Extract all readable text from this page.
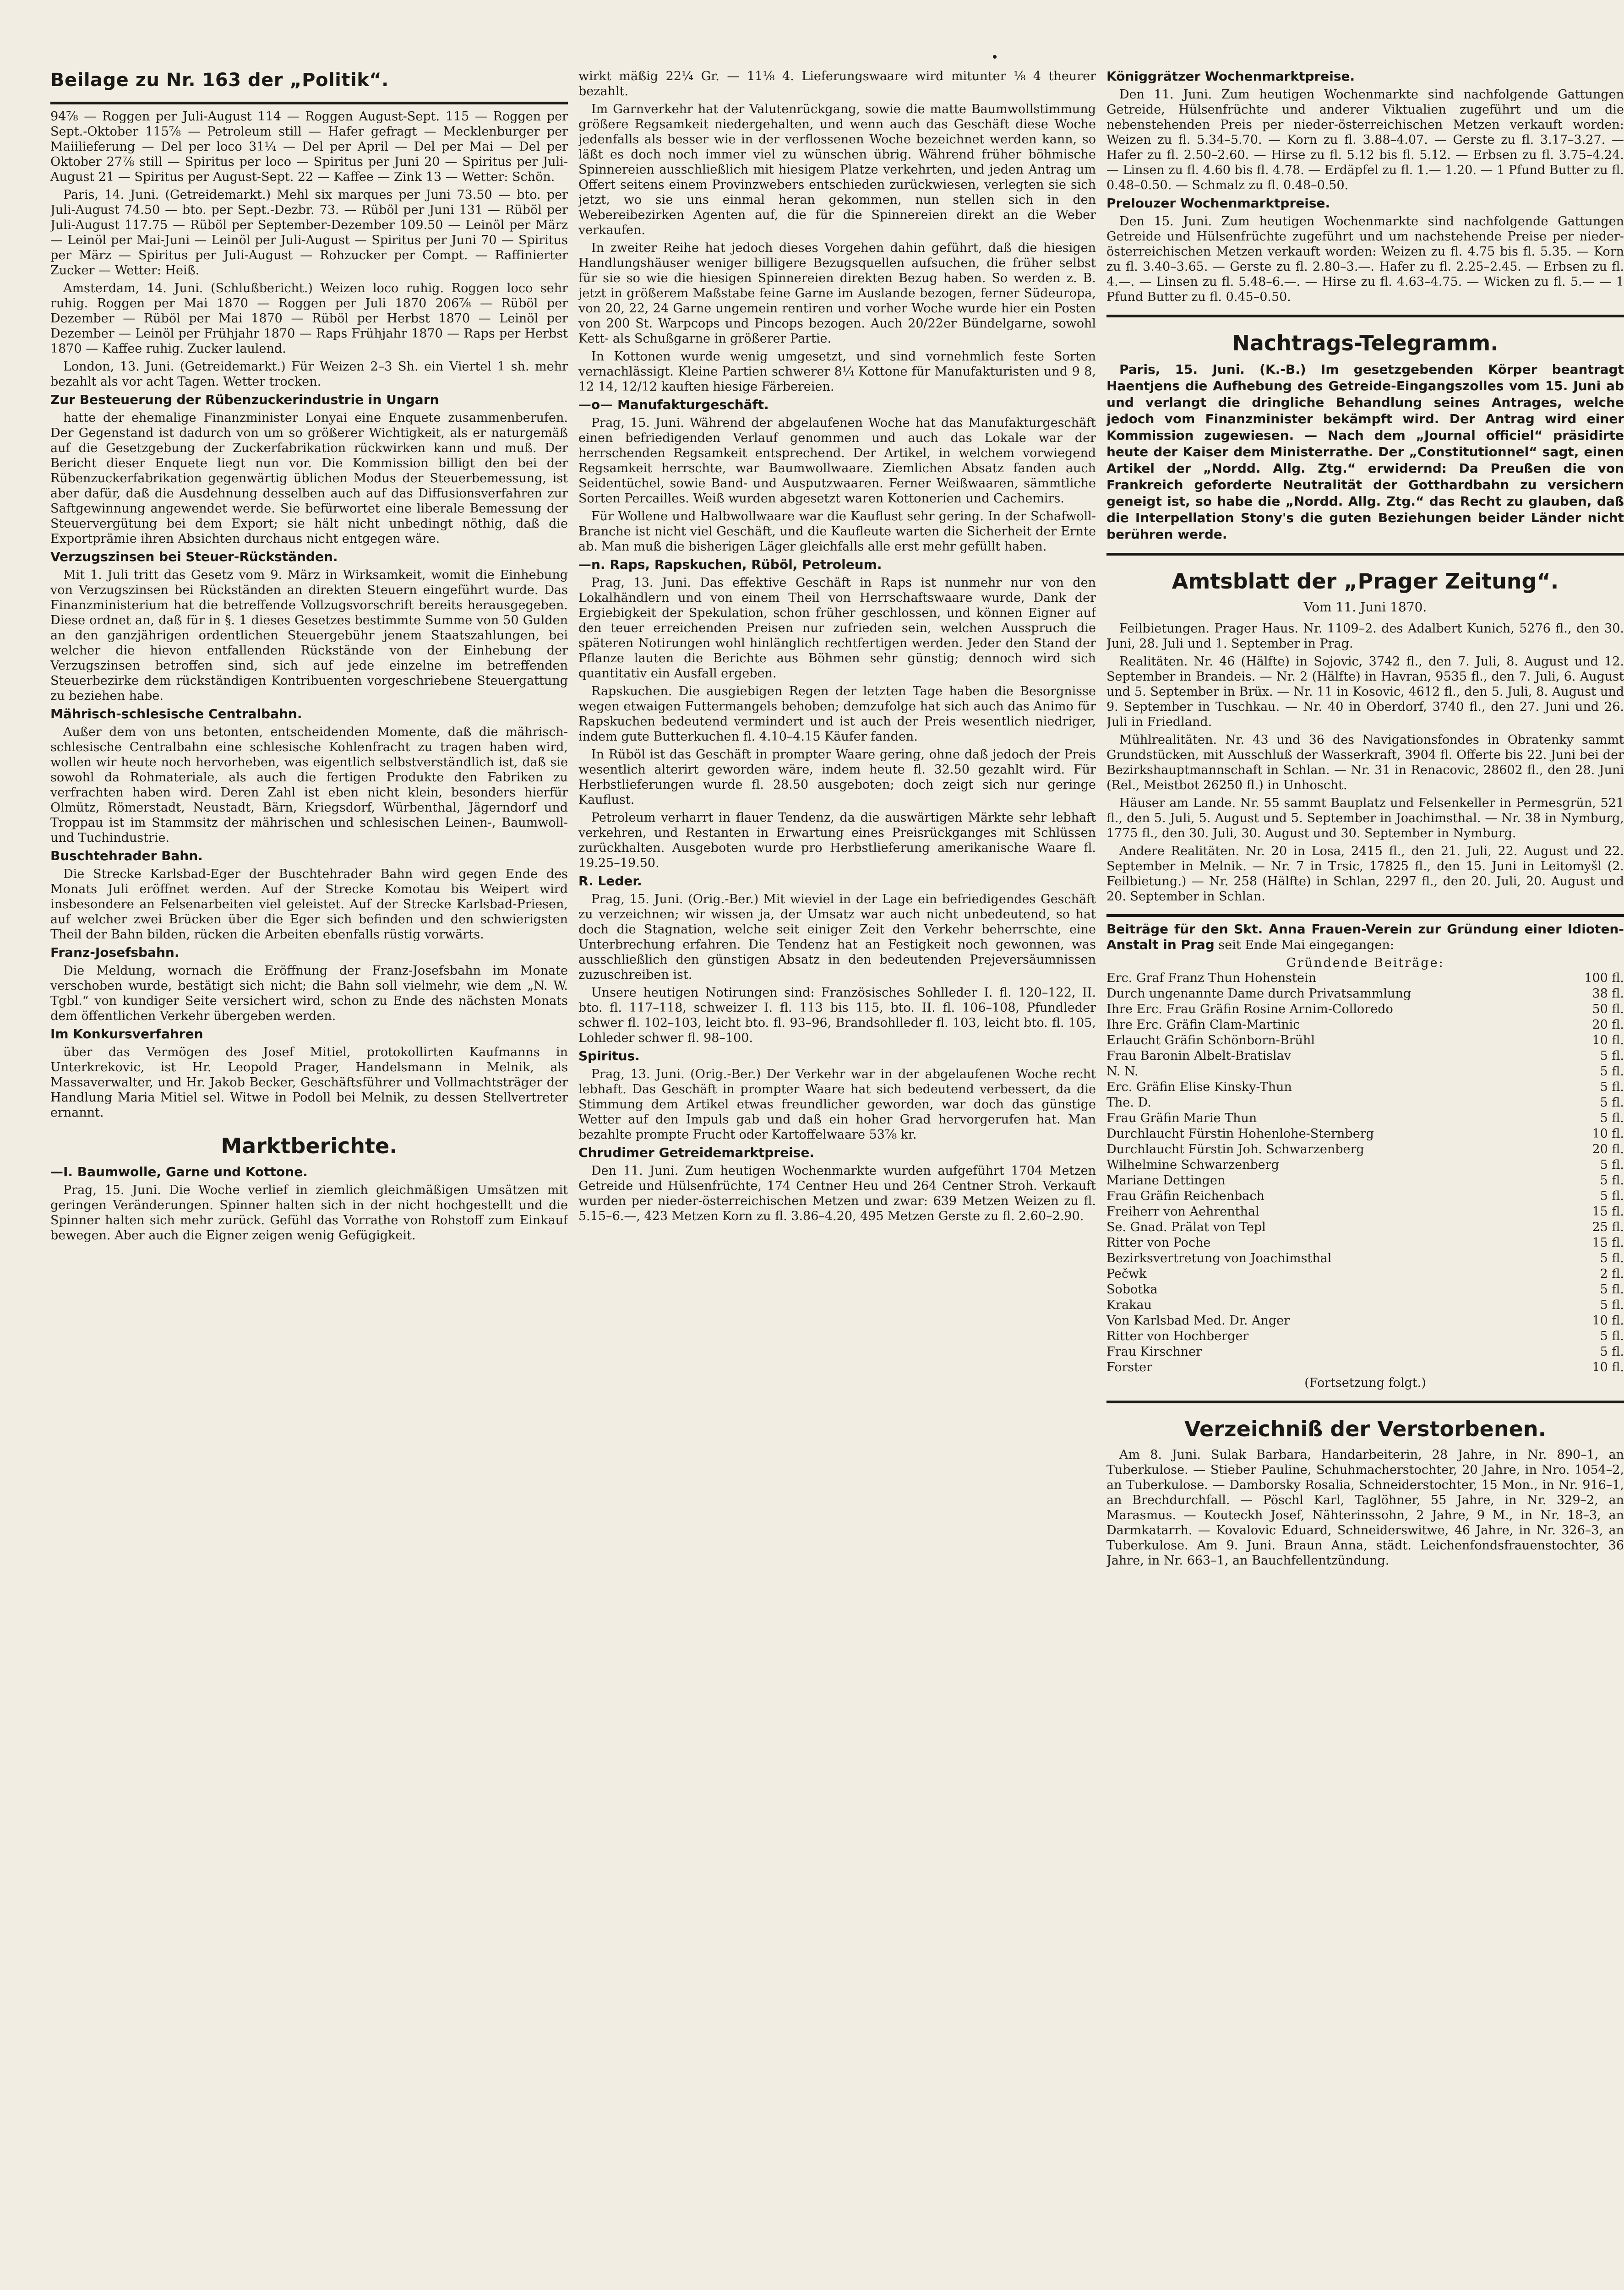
Beilage zu Nr. 163 der „Politik“.

94⅞ — Roggen per Juli-August 114 — Roggen August-Sept. 115 — Roggen per Sept.-Oktober 115⅞ — Petroleum still — Hafer gefragt — Mecklenburger per Maiilieferung — Del per loco 31¼ — Del per April — Del per Mai — Del per Oktober 27⅞ still — Spiritus per loco — Spiritus per Juni 20 — Spiritus per Juli-August 21 — Spiritus per August-Sept. 22 — Kaffee — Zink 13 — Wetter: Schön.

Paris, 14. Juni. (Getreidemarkt.) Mehl six marques per Juni 73.50 — bto. per Juli-August 74.50 — bto. per Sept.-Dezbr. 73. — Rüböl per Juni 131 — Rüböl per Juli-August 117.75 — Rüböl per September-Dezember 109.50 — Leinöl per März — Leinöl per Mai-Juni — Leinöl per Juli-August — Spiritus per Juni 70 — Spiritus per März — Spiritus per Juli-August — Rohzucker per Compt. — Raffinierter Zucker — Wetter: Heiß.

Amsterdam, 14. Juni. (Schlußbericht.) Weizen loco ruhig. Roggen loco sehr ruhig. Roggen per Mai 1870 — Roggen per Juli 1870 206⅞ — Rüböl per Dezember — Rüböl per Mai 1870 — Rüböl per Herbst 1870 — Leinöl per Dezember — Leinöl per Frühjahr 1870 — Raps Frühjahr 1870 — Raps per Herbst 1870 — Kaffee ruhig. Zucker laulend.

London, 13. Juni. (Getreidemarkt.) Für Weizen 2–3 Sh. ein Viertel 1 sh. mehr bezahlt als vor acht Tagen. Wetter trocken.

Zur Besteuerung der Rübenzuckerindustrie in Ungarn

hatte der ehemalige Finanzminister Lonyai eine Enquete zusammenberufen. Der Gegenstand ist dadurch von um so größerer Wichtigkeit, als er naturgemäß auf die Gesetzgebung der Zuckerfabrikation rückwirken kann und muß. Der Bericht dieser Enquete liegt nun vor. Die Kommission billigt den bei der Rübenzuckerfabrikation gegenwärtig üblichen Modus der Steuerbemessung, ist aber dafür, daß die Ausdehnung desselben auch auf das Diffusionsverfahren zur Saftgewinnung angewendet werde. Sie befürwortet eine liberale Bemessung der Steuervergütung bei dem Export; sie hält nicht unbedingt nöthig, daß die Exportprämie ihren Absichten durchaus nicht entgegen wäre.

Verzugszinsen bei Steuer-Rückständen.

Mit 1. Juli tritt das Gesetz vom 9. März in Wirksamkeit, womit die Einhebung von Verzugszinsen bei Rückständen an direkten Steuern eingeführt wurde. Das Finanzministerium hat die betreffende Vollzugsvorschrift bereits herausgegeben. Diese ordnet an, daß für in §. 1 dieses Gesetzes bestimmte Summe von 50 Gulden an den ganzjährigen ordentlichen Steuergebühr jenem Staatszahlungen, bei welcher die hievon entfallenden Rückstände von der Einhebung der Verzugszinsen betroffen sind, sich auf jede einzelne im betreffenden Steuerbezirke dem rückständigen Kontribuenten vorgeschriebene Steuergattung zu beziehen habe.

Mährisch-schlesische Centralbahn.

Außer dem von uns betonten, entscheidenden Momente, daß die mährisch-schlesische Centralbahn eine schlesische Kohlenfracht zu tragen haben wird, wollen wir heute noch hervorheben, was eigentlich selbstverständlich ist, daß sie sowohl da Rohmateriale, als auch die fertigen Produkte den Fabriken zu verfrachten haben wird. Deren Zahl ist eben nicht klein, besonders hierfür Olmütz, Römerstadt, Neustadt, Bärn, Kriegsdorf, Würbenthal, Jägerndorf und Troppau ist im Stammsitz der mährischen und schlesischen Leinen-, Baumwoll- und Tuchindustrie.

Buschtehrader Bahn.

Die Strecke Karlsbad-Eger der Buschtehrader Bahn wird gegen Ende des Monats Juli eröffnet werden. Auf der Strecke Komotau bis Weipert wird insbesondere an Felsenarbeiten viel geleistet. Auf der Strecke Karlsbad-Priesen, auf welcher zwei Brücken über die Eger sich befinden und den schwierigsten Theil der Bahn bilden, rücken die Arbeiten ebenfalls rüstig vorwärts.

Franz-Josefsbahn.

Die Meldung, wornach die Eröffnung der Franz-Josefsbahn im Monate verschoben wurde, bestätigt sich nicht; die Bahn soll vielmehr, wie dem „N. W. Tgbl.“ von kundiger Seite versichert wird, schon zu Ende des nächsten Monats dem öffentlichen Verkehr übergeben werden.

Im Konkursverfahren

über das Vermögen des Josef Mitiel, protokollirten Kaufmanns in Unterkrekovic, ist Hr. Leopold Prager, Handelsmann in Melnik, als Massaverwalter, und Hr. Jakob Becker, Geschäftsführer und Vollmachtsträger der Handlung Maria Mitiel sel. Witwe in Podoll bei Melnik, zu dessen Stellvertreter ernannt.

Marktberichte.

—I. Baumwolle, Garne und Kottone.

Prag, 15. Juni. Die Woche verlief in ziemlich gleichmäßigen Umsätzen mit geringen Veränderungen. Spinner halten sich in der nicht hochgestellt und die Spinner halten sich mehr zurück. Gefühl das Vorrathe von Rohstoff zum Einkauf bewegen. Aber auch die Eigner zeigen wenig Gefügigkeit.

wirkt mäßig 22¼ Gr. — 11⅛ 4. Lieferungswaare wird mitunter ⅛ 4 theurer bezahlt.

Im Garnverkehr hat der Valutenrückgang, sowie die matte Baumwollstimmung größere Regsamkeit niedergehalten, und wenn auch das Geschäft diese Woche jedenfalls als besser wie in der verflossenen Woche bezeichnet werden kann, so läßt es doch noch immer viel zu wünschen übrig. Während früher böhmische Spinnereien ausschließlich mit hiesigem Platze verkehrten, und jeden Antrag um Offert seitens einem Provinzwebers entschieden zurückwiesen, verlegten sie sich jetzt, wo sie uns einmal heran gekommen, nun stellen sich in den Webereibezirken Agenten auf, die für die Spinnereien direkt an die Weber verkaufen.

In zweiter Reihe hat jedoch dieses Vorgehen dahin geführt, daß die hiesigen Handlungshäuser weniger billigere Bezugsquellen aufsuchen, die früher selbst für sie so wie die hiesigen Spinnereien direkten Bezug haben. So werden z. B. jetzt in größerem Maßstabe feine Garne im Auslande bezogen, ferner Südeuropa, von 20, 22, 24 Garne ungemein rentiren und vorher Woche wurde hier ein Posten von 200 St. Warpcops und Pincops bezogen. Auch 20/22er Bündelgarne, sowohl Kett- als Schußgarne in größerer Partie.

In Kottonen wurde wenig umgesetzt, und sind vornehmlich feste Sorten vernachlässigt. Kleine Partien schwerer 8¼ Kottone für Manufakturisten und 9 8, 12 14, 12/12 kauften hiesige Färbereien.

—o— Manufakturgeschäft.

Prag, 15. Juni. Während der abgelaufenen Woche hat das Manufakturgeschäft einen befriedigenden Verlauf genommen und auch das Lokale war der herrschenden Regsamkeit entsprechend. Der Artikel, in welchem vorwiegend Regsamkeit herrschte, war Baumwollwaare. Ziemlichen Absatz fanden auch Seidentüchel, sowie Band- und Ausputzwaaren. Ferner Weißwaaren, sämmtliche Sorten Percailles. Weiß wurden abgesetzt waren Kottonerien und Cachemirs.

Für Wollene und Halbwollwaare war die Kauflust sehr gering. In der Schafwoll-Branche ist nicht viel Geschäft, und die Kaufleute warten die Sicherheit der Ernte ab. Man muß die bisherigen Läger gleichfalls alle erst mehr gefüllt haben.

—n. Raps, Rapskuchen, Rüböl, Petroleum.

Prag, 13. Juni. Das effektive Geschäft in Raps ist nunmehr nur von den Lokalhändlern und von einem Theil von Herrschaftswaare wurde, Dank der Ergiebigkeit der Spekulation, schon früher geschlossen, und können Eigner auf den teuer erreichenden Preisen nur zufrieden sein, welchen Ausspruch die späteren Notirungen wohl hinlänglich rechtfertigen werden. Jeder den Stand der Pflanze lauten die Berichte aus Böhmen sehr günstig; dennoch wird sich quantitativ ein Ausfall ergeben.

Rapskuchen. Die ausgiebigen Regen der letzten Tage haben die Besorgnisse wegen etwaigen Futtermangels behoben; demzufolge hat sich auch das Animo für Rapskuchen bedeutend vermindert und ist auch der Preis wesentlich niedriger, indem gute Butterkuchen fl. 4.10–4.15 Käufer fanden.

In Rüböl ist das Geschäft in prompter Waare gering, ohne daß jedoch der Preis wesentlich alterirt geworden wäre, indem heute fl. 32.50 gezahlt wird. Für Herbstlieferungen wurde fl. 28.50 ausgeboten; doch zeigt sich nur geringe Kauflust.

Petroleum verharrt in flauer Tendenz, da die auswärtigen Märkte sehr lebhaft verkehren, und Restanten in Erwartung eines Preisrückganges mit Schlüssen zurückhalten. Ausgeboten wurde pro Herbstlieferung amerikanische Waare fl. 19.25–19.50.

R. Leder.

Prag, 15. Juni. (Orig.-Ber.) Mit wieviel in der Lage ein befriedigendes Geschäft zu verzeichnen; wir wissen ja, der Umsatz war auch nicht unbedeutend, so hat doch die Stagnation, welche seit einiger Zeit den Verkehr beherrschte, eine Unterbrechung erfahren. Die Tendenz hat an Festigkeit noch gewonnen, was ausschließlich den günstigen Absatz in den bedeutenden Prejeversäumnissen zuzuschreiben ist.

Unsere heutigen Notirungen sind: Französisches Sohlleder I. fl. 120–122, II. bto. fl. 117–118, schweizer I. fl. 113 bis 115, bto. II. fl. 106–108, Pfundleder schwer fl. 102–103, leicht bto. fl. 93–96, Brandsohlleder fl. 103, leicht bto. fl. 105, Lohleder schwer fl. 98–100.

Spiritus.

Prag, 13. Juni. (Orig.-Ber.) Der Verkehr war in der abgelaufenen Woche recht lebhaft. Das Geschäft in prompter Waare hat sich bedeutend verbessert, da die Stimmung dem Artikel etwas freundlicher geworden, war doch das günstige Wetter auf den Impuls gab und daß ein hoher Grad hervorgerufen hat. Man bezahlte prompte Frucht oder Kartoffelwaare 53⅞ kr.

Chrudimer Getreidemarktpreise.

Den 11. Juni. Zum heutigen Wochenmarkte wurden aufgeführt 1704 Metzen Getreide und Hülsenfrüchte, 174 Centner Heu und 264 Centner Stroh. Verkauft wurden per nieder-österreichischen Metzen und zwar: 639 Metzen Weizen zu fl. 5.15–6.—, 423 Metzen Korn zu fl. 3.86–4.20, 495 Metzen Gerste zu fl. 2.60–2.90.

Königgrätzer Wochenmarktpreise.

Den 11. Juni. Zum heutigen Wochenmarkte sind nachfolgende Gattungen Getreide, Hülsenfrüchte und anderer Viktualien zugeführt und um die nebenstehenden Preis per nieder-österreichischen Metzen verkauft worden: Weizen zu fl. 5.34–5.70. — Korn zu fl. 3.88–4.07. — Gerste zu fl. 3.17–3.27. — Hafer zu fl. 2.50–2.60. — Hirse zu fl. 5.12 bis fl. 5.12. — Erbsen zu fl. 3.75–4.24. — Linsen zu fl. 4.60 bis fl. 4.78. — Erdäpfel zu fl. 1.— 1.20. — 1 Pfund Butter zu fl. 0.48–0.50. — Schmalz zu fl. 0.48–0.50.

Prelouzer Wochenmarktpreise.

Den 15. Juni. Zum heutigen Wochenmarkte sind nachfolgende Gattungen Getreide und Hülsenfrüchte zugeführt und um nachstehende Preise per nieder-österreichischen Metzen verkauft worden: Weizen zu fl. 4.75 bis fl. 5.35. — Korn zu fl. 3.40–3.65. — Gerste zu fl. 2.80–3.—. Hafer zu fl. 2.25–2.45. — Erbsen zu fl. 4.—. — Linsen zu fl. 5.48–6.—. — Hirse zu fl. 4.63–4.75. — Wicken zu fl. 5.— — 1 Pfund Butter zu fl. 0.45–0.50.

Nachtrags-Telegramm.

Paris, 15. Juni. (K.-B.) Im gesetzgebenden Körper beantragt Haentjens die Aufhebung des Getreide-Eingangszolles vom 15. Juni ab und verlangt die dringliche Behandlung seines Antrages, welche jedoch vom Finanzminister bekämpft wird. Der Antrag wird einer Kommission zugewiesen. — Nach dem „Journal officiel“ präsidirte heute der Kaiser dem Ministerrathe. Der „Constitutionnel“ sagt, einen Artikel der „Nordd. Allg. Ztg.“ erwidernd: Da Preußen die von Frankreich geforderte Neutralität der Gotthardbahn zu versichern geneigt ist, so habe die „Nordd. Allg. Ztg.“ das Recht zu glauben, daß die Interpellation Stony's die guten Beziehungen beider Länder nicht berühren werde.

Amtsblatt der „Prager Zeitung“.
Vom 11. Juni 1870.

Feilbietungen. Prager Haus. Nr. 1109–2. des Adalbert Kunich, 5276 fl., den 30. Juni, 28. Juli und 1. September in Prag.

Realitäten. Nr. 46 (Hälfte) in Sojovic, 3742 fl., den 7. Juli, 8. August und 12. September in Brandeis. — Nr. 2 (Hälfte) in Havran, 9535 fl., den 7. Juli, 6. August und 5. September in Brüx. — Nr. 11 in Kosovic, 4612 fl., den 5. Juli, 8. August und 9. September in Tuschkau. — Nr. 40 in Oberdorf, 3740 fl., den 27. Juni und 26. Juli in Friedland.

Mühlrealitäten. Nr. 43 und 36 des Navigationsfondes in Obratenky sammt Grundstücken, mit Ausschluß der Wasserkraft, 3904 fl. Offerte bis 22. Juni bei der Bezirkshauptmannschaft in Schlan. — Nr. 31 in Renacovic, 28602 fl., den 28. Juni (Rel., Meistbot 26250 fl.) in Unhoscht.

Häuser am Lande. Nr. 55 sammt Bauplatz und Felsenkeller in Permesgrün, 521 fl., den 5. Juli, 5. August und 5. September in Joachimsthal. — Nr. 38 in Nymburg, 1775 fl., den 30. Juli, 30. August und 30. September in Nymburg.

Andere Realitäten. Nr. 20 in Losa, 2415 fl., den 21. Juli, 22. August und 22. September in Melnik. — Nr. 7 in Trsic, 17825 fl., den 15. Juni in Leitomyšl (2. Feilbietung.) — Nr. 258 (Hälfte) in Schlan, 2297 fl., den 20. Juli, 20. August und 20. September in Schlan.

Beiträge für den Skt. Anna Frauen-Verein zur Gründung einer Idioten-Anstalt in Prag seit Ende Mai eingegangen:

Gründende Beiträge:
Erc. Graf Franz Thun Hohenstein	100 fl.
Durch ungenannte Dame durch Privatsammlung	38 fl.
Ihre Erc. Frau Gräfin Rosine Arnim-Colloredo	50 fl.
Ihre Erc. Gräfin Clam-Martinic	20 fl.
Erlaucht Gräfin Schönborn-Brühl	10 fl.
Frau Baronin Albelt-Bratislav	5 fl.
N. N.	5 fl.
Erc. Gräfin Elise Kinsky-Thun	5 fl.
The. D.	5 fl.
Frau Gräfin Marie Thun	5 fl.
Durchlaucht Fürstin Hohenlohe-Sternberg	10 fl.
Durchlaucht Fürstin Joh. Schwarzenberg	20 fl.
Wilhelmine Schwarzenberg	5 fl.
Mariane Dettingen	5 fl.
Frau Gräfin Reichenbach	5 fl.
Freiherr von Aehrenthal	15 fl.
Se. Gnad. Prälat von Tepl	25 fl.
Ritter von Poche	15 fl.
Bezirksvertretung von Joachimsthal	5 fl.
Pečwk	2 fl.
Sobotka	5 fl.
Krakau	5 fl.
Von Karlsbad Med. Dr. Anger	10 fl.
Ritter von Hochberger	5 fl.
Frau Kirschner	5 fl.
Forster	10 fl.
(Fortsetzung folgt.)
Verzeichniß der Verstorbenen.

Am 8. Juni. Sulak Barbara, Handarbeiterin, 28 Jahre, in Nr. 890–1, an Tuberkulose. — Stieber Pauline, Schuhmacherstochter, 20 Jahre, in Nro. 1054–2, an Tuberkulose. — Damborsky Rosalia, Schneiderstochter, 15 Mon., in Nr. 916–1, an Brechdurchfall. — Pöschl Karl, Taglöhner, 55 Jahre, in Nr. 329–2, an Marasmus. — Kouteckh Josef, Nähterinssohn, 2 Jahre, 9 M., in Nr. 18–3, an Darmkatarrh. — Kovalovic Eduard, Schneiderswitwe, 46 Jahre, in Nr. 326–3, an Tuberkulose. Am 9. Juni. Braun Anna, städt. Leichenfondsfrauenstochter, 36 Jahre, in Nr. 663–1, an Bauchfellentzündung.
